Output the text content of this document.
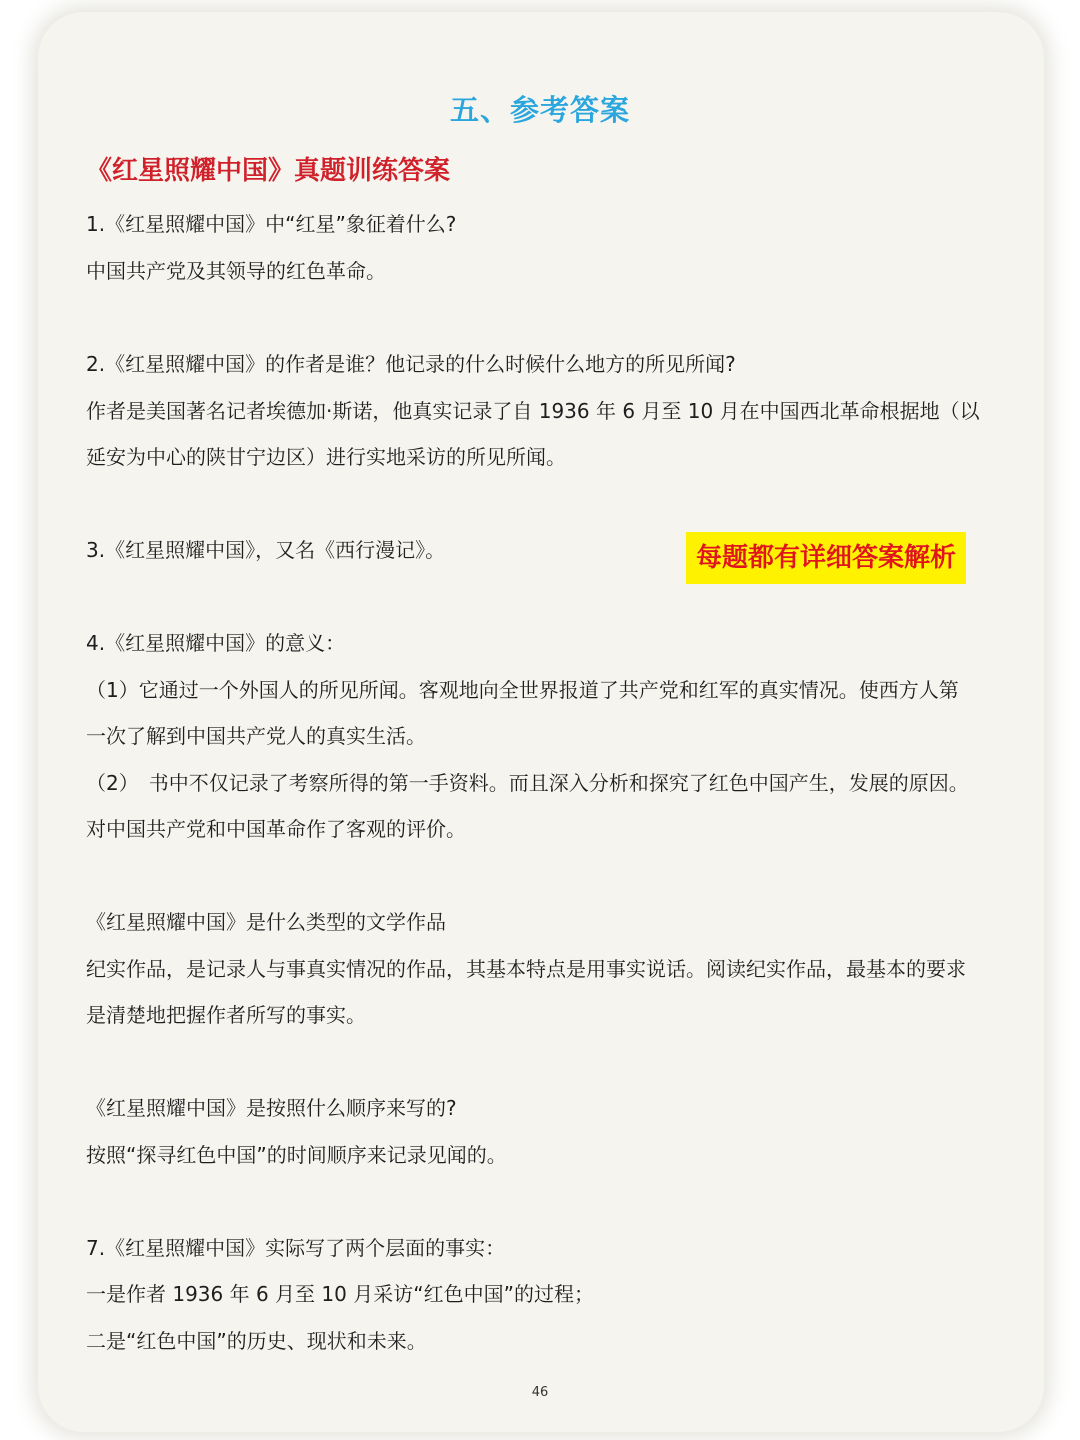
五、参考答案
《红星照耀中国》真题训练答案
1.《红星照耀中国》中“红星”象征着什么?
中国共产党及其领导的红色革命。
2.《红星照耀中国》的作者是谁？他记录的什么时候什么地方的所见所闻?
作者是美国著名记者埃德加·斯诺，他真实记录了自 1936 年 6 月至 10 月在中国西北革命根据地（以
延安为中心的陕甘宁边区）进行实地采访的所见所闻。
3.《红星照耀中国》，又名《西行漫记》。	每题都有详细答案解析
4.《红星照耀中国》的意义：
（1）它通过一个外国人的所见所闻。客观地向全世界报道了共产党和红军的真实情况。使西方人第
一次了解到中国共产党人的真实生活。
（2）　书中不仅记录了考察所得的第一手资料。而且深入分析和探究了红色中国产生，发展的原因。
对中国共产党和中国革命作了客观的评价。
《红星照耀中国》是什么类型的文学作品
纪实作品，是记录人与事真实情况的作品，其基本特点是用事实说话。阅读纪实作品，最基本的要求
是清楚地把握作者所写的事实。
《红星照耀中国》是按照什么顺序来写的?
按照“探寻红色中国”的时间顺序来记录见闻的。
7.《红星照耀中国》实际写了两个层面的事实：
一是作者 1936 年 6 月至 10 月采访“红色中国”的过程；
二是“红色中国”的历史、现状和未来。
46
